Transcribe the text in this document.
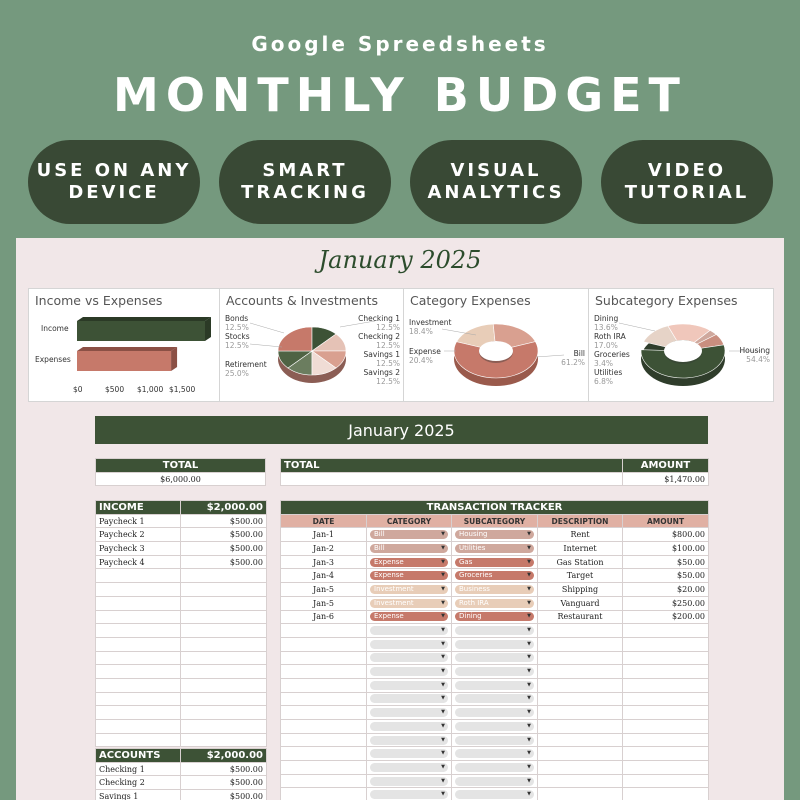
Google Spreedsheets
MONTHLY BUDGET
USE ON ANY
DEVICE
SMART
TRACKING
VISUAL
ANALYTICS
VIDEO
TUTORIAL
January 2025
Income vs Expenses
Income
Expenses
$0	$500 $1,000 $1,500
Accounts & Investments
Bonds
12.5%
Stocks
12.5%
Retirement
25.0%
Checking 1
12.5%
Checking 2
12.5%
Savings 1
12.5%
Savings 2
12.5%
Category Expenses
Investment
18.4%
Expense
20.4%
Bill
61.2%
Subcategory Expenses
Dining
13.6%
Roth IRA
17.0%
Groceries
3.4%
Utilities
6.8%
Housing
54.4%
January 2025
TOTAL
$6,000.00
TOTAL	AMOUNT
	$1,470.00
INCOME	$2,000.00
Paycheck 1	$500.00
Paycheck 2	$500.00
Paycheck 3	$500.00
Paycheck 4	$500.00

ACCOUNTS	$2,000.00
Checking 1	$500.00
Checking 2	$500.00
Savings 1	$500.00
TRANSACTION TRACKER				
DATE	CATEGORY	SUBCATEGORY	DESCRIPTION	AMOUNT
Jan-1	Bill ▼	Housing ▼	Rent	$800.00
Jan-2	Bill ▼	Utilities ▼	Internet	$100.00
Jan-3	Expense ▼	Gas ▼	Gas Station	$50.00
Jan-4	Expense ▼	Groceries ▼	Target	$50.00
Jan-5	Investment ▼	Business ▼	Shipping	$20.00
Jan-5	Investment ▼	Roth IRA ▼	Vanguard	$250.00
Jan-6	Expense ▼	Dining ▼	Restaurant	$200.00

▼

▼

▼

▼

▼

▼

▼

▼

▼

▼

▼

▼

▼

▼

▼

▼

▼

▼

▼

▼

▼

▼

▼

▼

▼

▼
